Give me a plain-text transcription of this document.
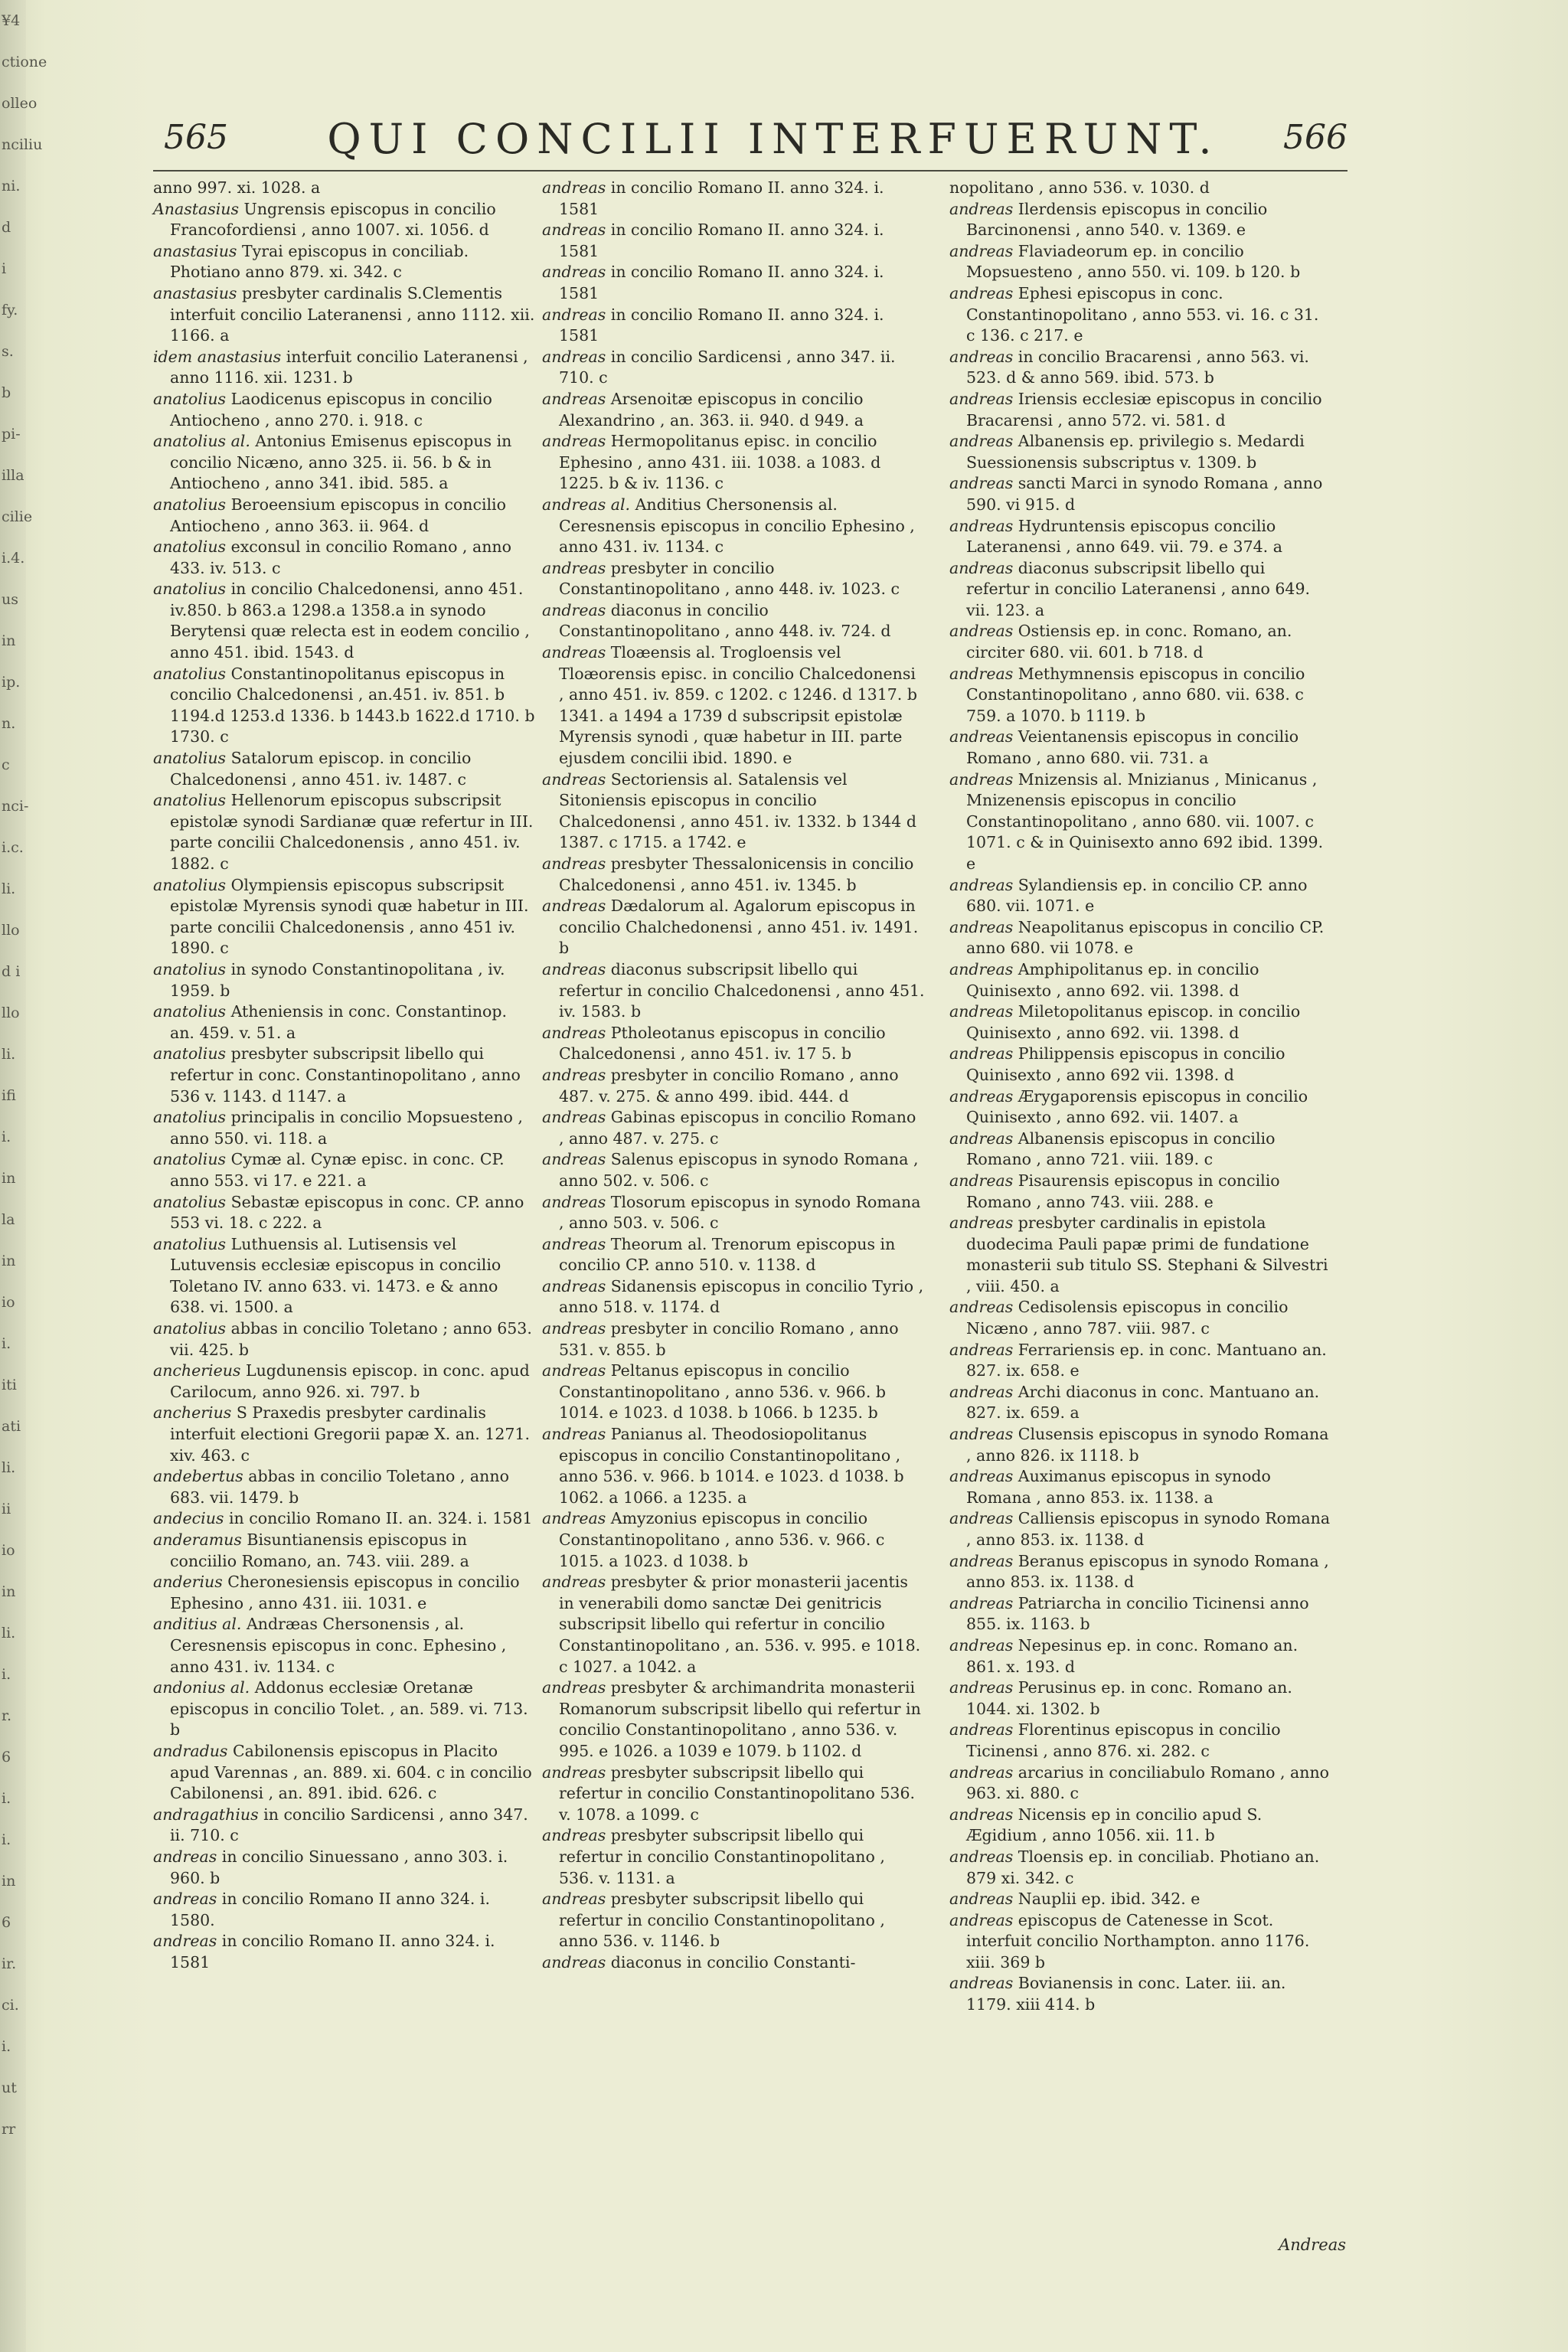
¥4
ctione
olleo
nciliu
ni. d
i fy.
s. b
pi-
illa
cilie
i.4.
us in
ip.
n. c
nci-
i.c.
li.
llo
d i
llo
li.
ifi
i.
in
la
in
io
i.
iti
ati
li.
ii
io
in
li.
i.
r.
6
i.
i.
in
6
ir.
ci.
i.
ut
rr
565	QUI CONCILII INTERFUERUNT.	566
anno 997. xi. 1028. a
Anastasius Ungrensis episcopus in concilio Francofordiensi , anno 1007. xi. 1056. d
anastasius Tyrai episcopus in conciliab. Photiano anno 879. xi. 342. c
anastasius presbyter cardinalis S.Clementis interfuit concilio Lateranensi , anno 1112. xii. 1166. a
idem anastasius interfuit concilio Lateranensi , anno 1116. xii. 1231. b
anatolius Laodicenus episcopus in concilio Antiocheno , anno 270. i. 918. c
anatolius al. Antonius Emisenus episcopus in concilio Nicæno, anno 325. ii. 56. b & in Antiocheno , anno 341. ibid. 585. a
anatolius Beroeensium episcopus in concilio Antiocheno , anno 363. ii. 964. d
anatolius exconsul in concilio Romano , anno 433. iv. 513. c
anatolius in concilio Chalcedonensi, anno 451. iv.850. b 863.a 1298.a 1358.a in synodo Berytensi quæ relecta est in eodem concilio , anno 451. ibid. 1543. d
anatolius Constantinopolitanus episcopus in concilio Chalcedonensi , an.451. iv. 851. b 1194.d 1253.d 1336. b 1443.b 1622.d 1710. b 1730. c
anatolius Satalorum episcop. in concilio Chalcedonensi , anno 451. iv. 1487. c
anatolius Hellenorum episcopus subscripsit epistolæ synodi Sardianæ quæ refertur in III. parte concilii Chalcedonensis , anno 451. iv. 1882. c
anatolius Olympiensis episcopus subscripsit epistolæ Myrensis synodi quæ habetur in III. parte concilii Chalcedonensis , anno 451 iv. 1890. c
anatolius in synodo Constantinopolitana , iv. 1959. b
anatolius Atheniensis in conc. Constantinop. an. 459. v. 51. a
anatolius presbyter subscripsit libello qui refertur in conc. Constantinopolitano , anno 536 v. 1143. d 1147. a
anatolius principalis in concilio Mopsuesteno , anno 550. vi. 118. a
anatolius Cymæ al. Cynæ episc. in conc. CP. anno 553. vi 17. e 221. a
anatolius Sebastæ episcopus in conc. CP. anno 553 vi. 18. c 222. a
anatolius Luthuensis al. Lutisensis vel Lutuvensis ecclesiæ episcopus in concilio Toletano IV. anno 633. vi. 1473. e & anno 638. vi. 1500. a
anatolius abbas in concilio Toletano ; anno 653. vii. 425. b
ancherieus Lugdunensis episcop. in conc. apud Carilocum, anno 926. xi. 797. b
ancherius S Praxedis presbyter cardinalis interfuit electioni Gregorii papæ X. an. 1271. xiv. 463. c
andebertus abbas in concilio Toletano , anno 683. vii. 1479. b
andecius in concilio Romano II. an. 324. i. 1581
anderamus Bisuntianensis episcopus in conciilio Romano, an. 743. viii. 289. a
anderius Cheronesiensis episcopus in concilio Ephesino , anno 431. iii. 1031. e
anditius al. Andræas Chersonensis , al. Ceresnensis episcopus in conc. Ephesino , anno 431. iv. 1134. c
andonius al. Addonus ecclesiæ Oretanæ episcopus in concilio Tolet. , an. 589. vi. 713. b
andradus Cabilonensis episcopus in Placito apud Varennas , an. 889. xi. 604. c in concilio Cabilonensi , an. 891. ibid. 626. c
andragathius in concilio Sardicensi , anno 347. ii. 710. c
andreas in concilio Sinuessano , anno 303. i. 960. b
andreas in concilio Romano II anno 324. i. 1580.
andreas in concilio Romano II. anno 324. i. 1581
andreas in concilio Romano II. anno 324. i. 1581
andreas in concilio Romano II. anno 324. i. 1581
andreas in concilio Romano II. anno 324. i. 1581
andreas in concilio Romano II. anno 324. i. 1581
andreas in concilio Sardicensi , anno 347. ii. 710. c
andreas Arsenoitæ episcopus in concilio Alexandrino , an. 363. ii. 940. d 949. a
andreas Hermopolitanus episc. in concilio Ephesino , anno 431. iii. 1038. a 1083. d 1225. b & iv. 1136. c
andreas al. Anditius Chersonensis al. Ceresnensis episcopus in concilio Ephesino , anno 431. iv. 1134. c
andreas presbyter in concilio Constantinopolitano , anno 448. iv. 1023. c
andreas diaconus in concilio Constantinopolitano , anno 448. iv. 724. d
andreas Tloæensis al. Trogloensis vel Tloæorensis episc. in concilio Chalcedonensi , anno 451. iv. 859. c 1202. c 1246. d 1317. b 1341. a 1494 a 1739 d subscripsit epistolæ Myrensis synodi , quæ habetur in III. parte ejusdem concilii ibid. 1890. e
andreas Sectoriensis al. Satalensis vel Sitoniensis episcopus in concilio Chalcedonensi , anno 451. iv. 1332. b 1344 d 1387. c 1715. a 1742. e
andreas presbyter Thessalonicensis in concilio Chalcedonensi , anno 451. iv. 1345. b
andreas Dædalorum al. Agalorum episcopus in concilio Chalchedonensi , anno 451. iv. 1491. b
andreas diaconus subscripsit libello qui refertur in concilio Chalcedonensi , anno 451. iv. 1583. b
andreas Ptholeotanus episcopus in concilio Chalcedonensi , anno 451. iv. 17 5. b
andreas presbyter in concilio Romano , anno 487. v. 275. & anno 499. ibid. 444. d
andreas Gabinas episcopus in concilio Romano , anno 487. v. 275. c
andreas Salenus episcopus in synodo Romana , anno 502. v. 506. c
andreas Tlosorum episcopus in synodo Romana , anno 503. v. 506. c
andreas Theorum al. Trenorum episcopus in concilio CP. anno 510. v. 1138. d
andreas Sidanensis episcopus in concilio Tyrio , anno 518. v. 1174. d
andreas presbyter in concilio Romano , anno 531. v. 855. b
andreas Peltanus episcopus in concilio Constantinopolitano , anno 536. v. 966. b 1014. e 1023. d 1038. b 1066. b 1235. b
andreas Panianus al. Theodosiopolitanus episcopus in concilio Constantinopolitano , anno 536. v. 966. b 1014. e 1023. d 1038. b 1062. a 1066. a 1235. a
andreas Amyzonius episcopus in concilio Constantinopolitano , anno 536. v. 966. c 1015. a 1023. d 1038. b
andreas presbyter & prior monasterii jacentis in venerabili domo sanctæ Dei genitricis subscripsit libello qui refertur in concilio Constantinopolitano , an. 536. v. 995. e 1018. c 1027. a 1042. a
andreas presbyter & archimandrita monasterii Romanorum subscripsit libello qui refertur in concilio Constantinopolitano , anno 536. v. 995. e 1026. a 1039 e 1079. b 1102. d
andreas presbyter subscripsit libello qui refertur in concilio Constantinopolitano 536. v. 1078. a 1099. c
andreas presbyter subscripsit libello qui refertur in concilio Constantinopolitano , 536. v. 1131. a
andreas presbyter subscripsit libello qui refertur in concilio Constantinopolitano , anno 536. v. 1146. b
andreas diaconus in concilio Constanti-
nopolitano , anno 536. v. 1030. d
andreas Ilerdensis episcopus in concilio Barcinonensi , anno 540. v. 1369. e
andreas Flaviadeorum ep. in concilio Mopsuesteno , anno 550. vi. 109. b 120. b
andreas Ephesi episcopus in conc. Constantinopolitano , anno 553. vi. 16. c 31. c 136. c 217. e
andreas in concilio Bracarensi , anno 563. vi. 523. d & anno 569. ibid. 573. b
andreas Iriensis ecclesiæ episcopus in concilio Bracarensi , anno 572. vi. 581. d
andreas Albanensis ep. privilegio s. Medardi Suessionensis subscriptus v. 1309. b
andreas sancti Marci in synodo Romana , anno 590. vi 915. d
andreas Hydruntensis episcopus concilio Lateranensi , anno 649. vii. 79. e 374. a
andreas diaconus subscripsit libello qui refertur in concilio Lateranensi , anno 649. vii. 123. a
andreas Ostiensis ep. in conc. Romano, an. circiter 680. vii. 601. b 718. d
andreas Methymnensis episcopus in concilio Constantinopolitano , anno 680. vii. 638. c 759. a 1070. b 1119. b
andreas Veientanensis episcopus in concilio Romano , anno 680. vii. 731. a
andreas Mnizensis al. Mnizianus , Minicanus , Mnizenensis episcopus in concilio Constantinopolitano , anno 680. vii. 1007. c 1071. c & in Quinisexto anno 692 ibid. 1399. e
andreas Sylandiensis ep. in concilio CP. anno 680. vii. 1071. e
andreas Neapolitanus episcopus in concilio CP. anno 680. vii 1078. e
andreas Amphipolitanus ep. in concilio Quinisexto , anno 692. vii. 1398. d
andreas Miletopolitanus episcop. in concilio Quinisexto , anno 692. vii. 1398. d
andreas Philippensis episcopus in concilio Quinisexto , anno 692 vii. 1398. d
andreas Ærygaporensis episcopus in concilio Quinisexto , anno 692. vii. 1407. a
andreas Albanensis episcopus in concilio Romano , anno 721. viii. 189. c
andreas Pisaurensis episcopus in concilio Romano , anno 743. viii. 288. e
andreas presbyter cardinalis in epistola duodecima Pauli papæ primi de fundatione monasterii sub titulo SS. Stephani & Silvestri , viii. 450. a
andreas Cedisolensis episcopus in concilio Nicæno , anno 787. viii. 987. c
andreas Ferrariensis ep. in conc. Mantuano an. 827. ix. 658. e
andreas Archi diaconus in conc. Mantuano an. 827. ix. 659. a
andreas Clusensis episcopus in synodo Romana , anno 826. ix 1118. b
andreas Auximanus episcopus in synodo Romana , anno 853. ix. 1138. a
andreas Calliensis episcopus in synodo Romana , anno 853. ix. 1138. d
andreas Beranus episcopus in synodo Romana , anno 853. ix. 1138. d
andreas Patriarcha in concilio Ticinensi anno 855. ix. 1163. b
andreas Nepesinus ep. in conc. Romano an. 861. x. 193. d
andreas Perusinus ep. in conc. Romano an. 1044. xi. 1302. b
andreas Florentinus episcopus in concilio Ticinensi , anno 876. xi. 282. c
andreas arcarius in conciliabulo Romano , anno 963. xi. 880. c
andreas Nicensis ep in concilio apud S. Ægidium , anno 1056. xii. 11. b
andreas Tloensis ep. in conciliab. Photiano an. 879 xi. 342. c
andreas Nauplii ep. ibid. 342. e
andreas episcopus de Catenesse in Scot. interfuit concilio Northampton. anno 1176. xiii. 369 b
andreas Bovianensis in conc. Later. iii. an. 1179. xiii 414. b
Andreas
